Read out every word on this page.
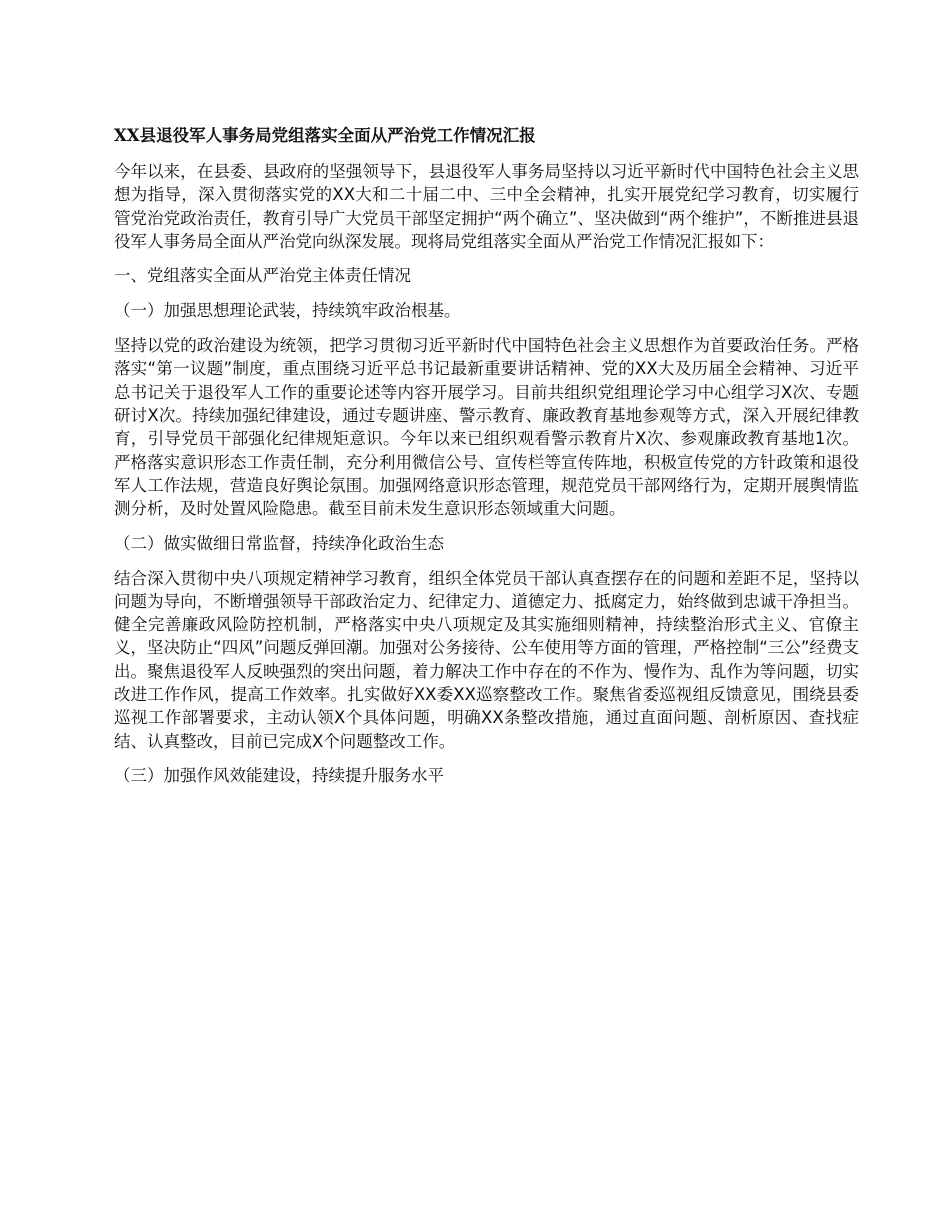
XX县退役军人事务局党组落实全面从严治党工作情况汇报
今年以来，在县委、县政府的坚强领导下，县退役军人事务局坚持以习近平新时代中国特色社会主义思想为指导，深入贯彻落实党的XX大和二十届二中、三中全会精神，扎实开展党纪学习教育，切实履行管党治党政治责任，教育引导广大党员干部坚定拥护“两个确立”、坚决做到“两个维护”，不断推进县退役军人事务局全面从严治党向纵深发展。现将局党组落实全面从严治党工作情况汇报如下：
一、党组落实全面从严治党主体责任情况
（一）加强思想理论武装，持续筑牢政治根基。
坚持以党的政治建设为统领，把学习贯彻习近平新时代中国特色社会主义思想作为首要政治任务。严格落实“第一议题”制度，重点围绕习近平总书记最新重要讲话精神、党的XX大及历届全会精神、习近平总书记关于退役军人工作的重要论述等内容开展学习。目前共组织党组理论学习中心组学习X次、专题研讨X次。持续加强纪律建设，通过专题讲座、警示教育、廉政教育基地参观等方式，深入开展纪律教育，引导党员干部强化纪律规矩意识。今年以来已组织观看警示教育片X次、参观廉政教育基地1次。严格落实意识形态工作责任制，充分利用微信公号、宣传栏等宣传阵地，积极宣传党的方针政策和退役军人工作法规，营造良好舆论氛围。加强网络意识形态管理，规范党员干部网络行为，定期开展舆情监测分析，及时处置风险隐患。截至目前未发生意识形态领域重大问题。
（二）做实做细日常监督，持续净化政治生态
结合深入贯彻中央八项规定精神学习教育，组织全体党员干部认真查摆存在的问题和差距不足，坚持以问题为导向，不断增强领导干部政治定力、纪律定力、道德定力、抵腐定力，始终做到忠诚干净担当。健全完善廉政风险防控机制，严格落实中央八项规定及其实施细则精神，持续整治形式主义、官僚主义，坚决防止“四风”问题反弹回潮。加强对公务接待、公车使用等方面的管理，严格控制“三公”经费支出。聚焦退役军人反映强烈的突出问题，着力解决工作中存在的不作为、慢作为、乱作为等问题，切实改进工作作风，提高工作效率。扎实做好XX委XX巡察整改工作。聚焦省委巡视组反馈意见，围绕县委巡视工作部署要求，主动认领X个具体问题，明确XX条整改措施，通过直面问题、剖析原因、查找症结、认真整改，目前已完成X个问题整改工作。
（三）加强作风效能建设，持续提升服务水平
